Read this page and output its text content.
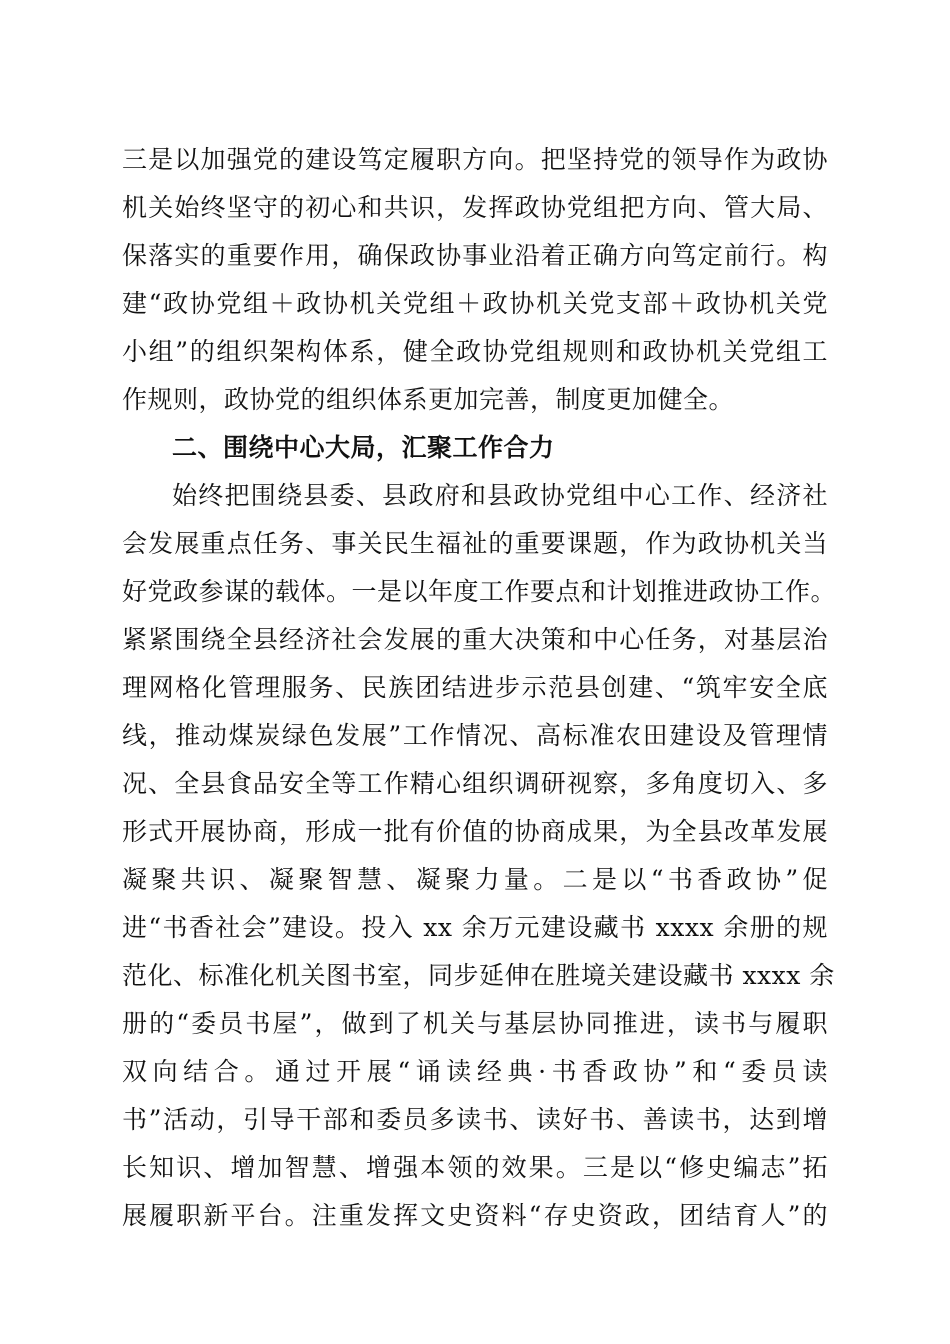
三是以加强党的建设笃定履职方向。把坚持党的领导作为政协
机关始终坚守的初心和共识，发挥政协党组把方向、管大局、
保落实的重要作用，确保政协事业沿着正确方向笃定前行。构
建“政协党组＋政协机关党组＋政协机关党支部＋政协机关党
小组”的组织架构体系，健全政协党组规则和政协机关党组工
作规则，政协党的组织体系更加完善，制度更加健全。
二、围绕中心大局，汇聚工作合力
始终把围绕县委、县政府和县政协党组中心工作、经济社
会发展重点任务、事关民生福祉的重要课题，作为政协机关当
好党政参谋的载体。一是以年度工作要点和计划推进政协工作。
紧紧围绕全县经济社会发展的重大决策和中心任务，对基层治
理网格化管理服务、民族团结进步示范县创建、“筑牢安全底
线，推动煤炭绿色发展”工作情况、高标准农田建设及管理情
况、全县食品安全等工作精心组织调研视察，多角度切入、多
形式开展协商，形成一批有价值的协商成果，为全县改革发展
凝聚共识、凝聚智慧、凝聚力量。二是以“书香政协”促
进“书香社会”建设。投入 xx 余万元建设藏书 xxxx 余册的规
范化、标准化机关图书室，同步延伸在胜境关建设藏书 xxxx 余
册的“委员书屋”，做到了机关与基层协同推进，读书与履职
双向结合。通过开展“诵读经典·书香政协”和“委员读
书”活动，引导干部和委员多读书、读好书、善读书，达到增
长知识、增加智慧、增强本领的效果。三是以“修史编志”拓
展履职新平台。注重发挥文史资料“存史资政，团结育人”的
